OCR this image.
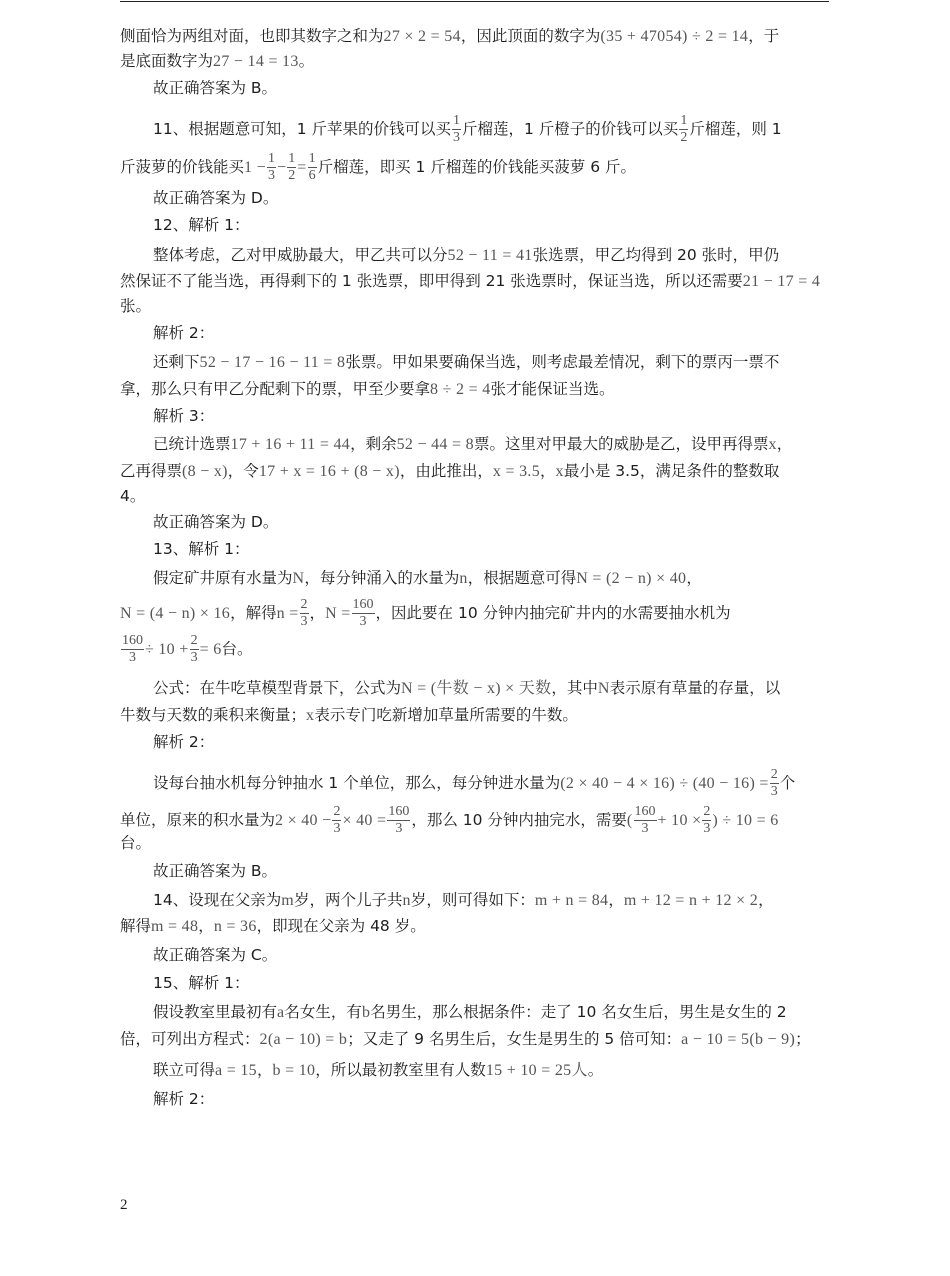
侧面恰为两组对面，也即其数字之和为27 × 2 = 54，因此顶面的数字为(35 + 47054) ÷ 2 = 14，于
是底面数字为27 − 14 = 13。
故正确答案为 B。
11、根据题意可知，1 斤苹果的价钱可以买 $\frac{1}{3}$ 斤榴莲，1 斤橙子的价钱可以买 $\frac{1}{2}$ 斤榴莲，则 1
斤菠萝的价钱能买$1 - \frac{1}{3} - \frac{1}{2} = \frac{1}{6}$ 斤榴莲，即买 1 斤榴莲的价钱能买菠萝 6 斤。
故正确答案为 D。
12、解析 1：
整体考虑，乙对甲威胁最大，甲乙共可以分52 − 11 = 41张选票，甲乙均得到 20 张时，甲仍
然保证不了能当选，再得剩下的 1 张选票，即甲得到 21 张选票时，保证当选，所以还需要21 − 17 = 4
张。
解析 2：
还剩下52 − 17 − 16 − 11 = 8张票。甲如果要确保当选，则考虑最差情况，剩下的票丙一票不
拿，那么只有甲乙分配剩下的票，甲至少要拿8 ÷ 2 = 4张才能保证当选。
解析 3：
已统计选票17 + 16 + 11 = 44，剩余52 − 44 = 8票。这里对甲最大的威胁是乙，设甲再得票x，
乙再得票(8 − x)，令17 + x = 16 + (8 − x)，由此推出，x = 3.5，x最小是 3.5，满足条件的整数取
4。
故正确答案为 D。
13、解析 1：
假定矿井原有水量为N，每分钟涌入的水量为n，根据题意可得N = (2 − n) × 40，
N = (4 − n) × 16，解得$n = \frac{2}{3}$ ，$N = \frac{160}{3}$ ，因此要在 10 分钟内抽完矿井内的水需要抽水机为
$\frac{160}{3} \div 10 + \frac{2}{3} = 6$台。
公式：在牛吃草模型背景下，公式为N = (牛数 − x) × 天数，其中N表示原有草量的存量，以
牛数与天数的乘积来衡量；x表示专门吃新增加草量所需要的牛数。
解析 2：
设每台抽水机每分钟抽水 1 个单位，那么，每分钟进水量为$(2 \times 40 - 4 \times 16) \div (40 - 16) = \frac{2}{3}$ 个
单位，原来的积水量为$2 \times 40 - \frac{2}{3} \times 40 = \frac{160}{3}$ ，那么 10 分钟内抽完水，需要( $\frac{160}{3} + 10 \times \frac{2}{3}$ ) ÷ 10 = 6
台。
故正确答案为 B。
14、设现在父亲为m岁，两个儿子共n岁，则可得如下：m + n = 84，m + 12 = n + 12 × 2，
解得m = 48，n = 36，即现在父亲为 48 岁。
故正确答案为 C。
15、解析 1：
假设教室里最初有a名女生，有b名男生，那么根据条件：走了 10 名女生后，男生是女生的 2
倍，可列出方程式：2(a − 10) = b；又走了 9 名男生后，女生是男生的 5 倍可知：a − 10 = 5(b − 9)；
联立可得a = 15，b = 10，所以最初教室里有人数15 + 10 = 25人。
解析 2：
2
